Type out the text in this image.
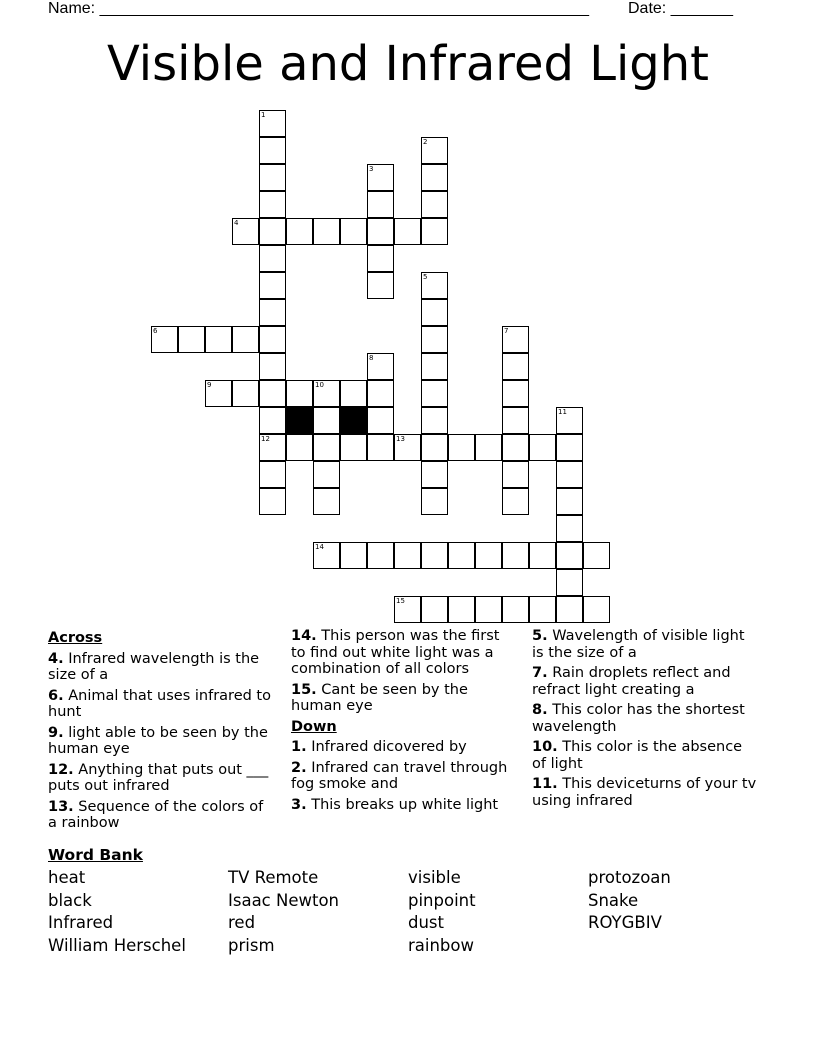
Name: _______________________________________________________ Date: _______
Visible and Infrared Light
1
12
2
3
4
5
6	7
8
9	10
11
13
14
15
Across
4. Infrared wavelength is the size of a
6. Animal that uses infrared to hunt
9. light able to be seen by the human eye
12. Anything that puts out ___ puts out infrared
13. Sequence of the colors of a rainbow
14. This person was the first to find out white light was a combination of all colors
15. Cant be seen by the human eye
Down
1. Infrared dicovered by
2. Infrared can travel through fog smoke and
3. This breaks up white light
5. Wavelength of visible light is the size of a
7. Rain droplets reflect and refract light creating a
8. This color has the shortest wavelength
10. This color is the absence of light
11. This deviceturns of your tv using infrared
Word Bank
heat
black
Infrared
William Herschel
TV Remote
Isaac Newton
red
prism
visible
pinpoint
dust
rainbow
protozoan
Snake
ROYGBIV
